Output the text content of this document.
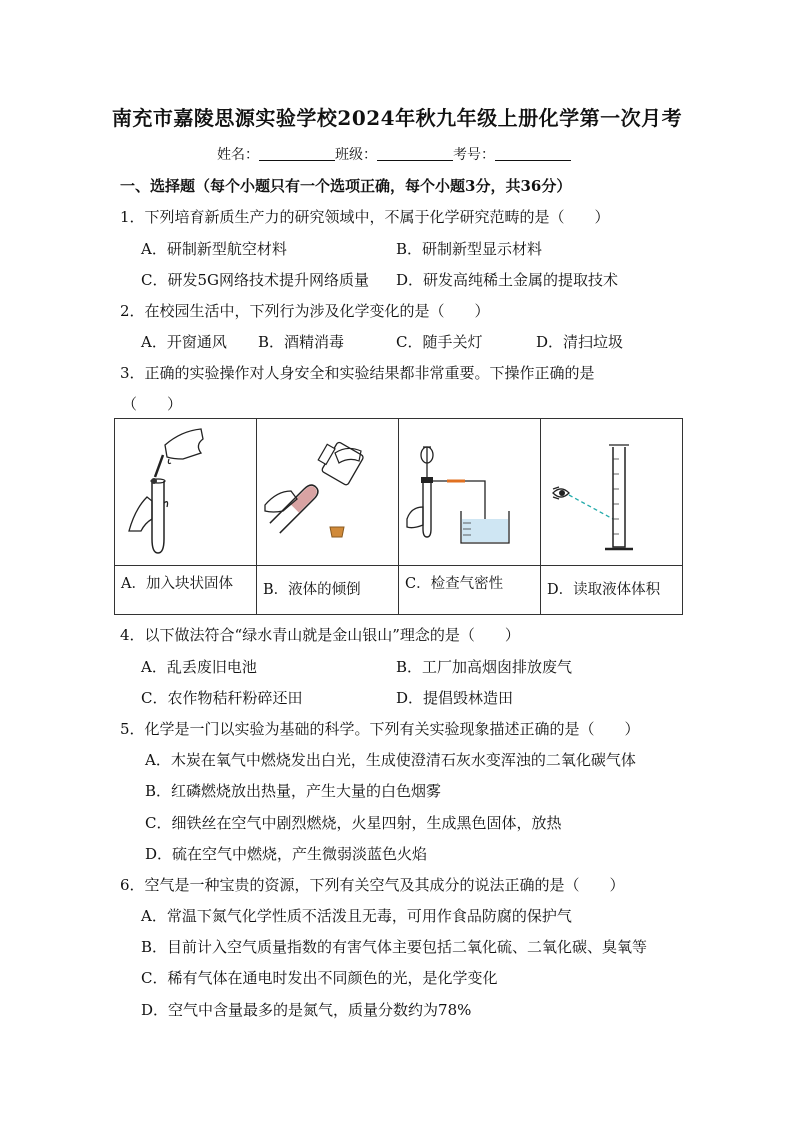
南充市嘉陵思源实验学校2024年秋九年级上册化学第一次月考
姓名：	班级：	考号：
一、选择题（每个小题只有一个选项正确，每个小题3分，共36分）
1．下列培育新质生产力的研究领域中，不属于化学研究范畴的是（　　）
A．研制新型航空材料	B．研制新型显示材料
C．研发5G网络技术提升网络质量 D．研发高纯稀土金属的提取技术
2．在校园生活中，下列行为涉及化学变化的是（　　）
A．开窗通风 B．酒精消毒	C．随手关灯	D．清扫垃圾
3．正确的实验操作对人身安全和实验结果都非常重要。下操作正确的是
（　　）

A．加入块状固体	B．液体的倾倒	C．检查气密性	D．读取液体体积
4．以下做法符合“绿水青山就是金山银山”理念的是（　　）
A．乱丢废旧电池	B．工厂加高烟囱排放废气
C．农作物秸秆粉碎还田	D．提倡毁林造田
5．化学是一门以实验为基础的科学。下列有关实验现象描述正确的是（　　）
A．木炭在氧气中燃烧发出白光，生成使澄清石灰水变浑浊的二氧化碳气体
B．红磷燃烧放出热量，产生大量的白色烟雾
C．细铁丝在空气中剧烈燃烧，火星四射，生成黑色固体，放热
D．硫在空气中燃烧，产生微弱淡蓝色火焰
6．空气是一种宝贵的资源，下列有关空气及其成分的说法正确的是（　　）
A．常温下氮气化学性质不活泼且无毒，可用作食品防腐的保护气
B．目前计入空气质量指数的有害气体主要包括二氧化硫、二氧化碳、臭氧等
C．稀有气体在通电时发出不同颜色的光，是化学变化
D．空气中含量最多的是氮气，质量分数约为78%
